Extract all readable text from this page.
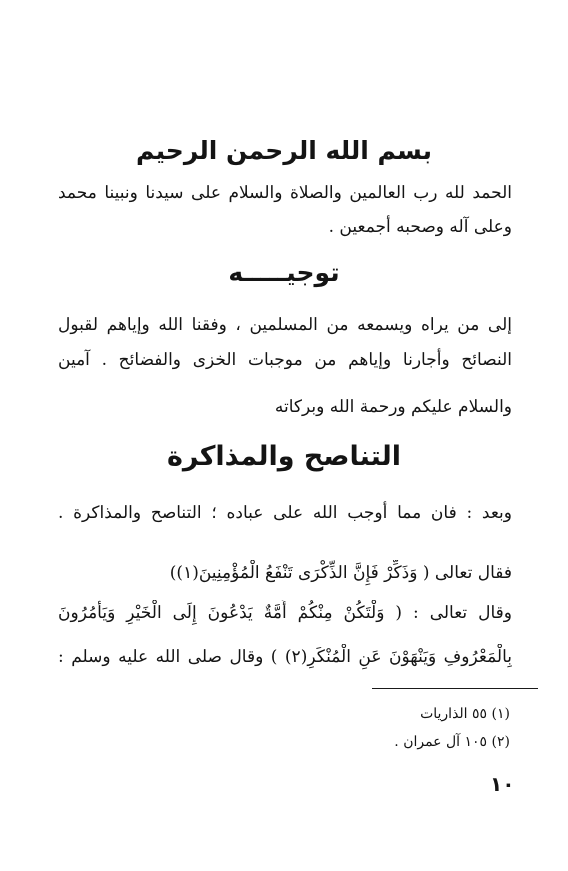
بسم الله الرحمن الرحيم
الحمد لله رب العالمين والصلاة والسلام على سيدنا ونبينا محمد
وعلى آله وصحبه أجمعين .
توجيـــــه
إلى من يراه ويسمعه من المسلمين ، وفقنا الله وإياهم لقبول
النصائح وأجارنا وإياهم من موجبات الخزى والفضائح . آمين
والسلام عليكم ورحمة الله وبركاته
التناصح والمذاكرة
وبعد : فان مما أوجب الله على عباده ؛ التناصح والمذاكرة .
فقال تعالى ( وَذَكِّرْ فَإِنَّ الذِّكْرَى تَنْفَعُ الْمُؤْمِنِينَ(١))
وقال تعالى : ( وَلْتَكُنْ مِنْكُمْ أُمَّةٌ يَدْعُونَ إِلَى الْخَيْرِ وَيَأْمُرُونَ
بِالْمَعْرُوفِ وَيَنْهَوْنَ عَنِ الْمُنْكَرِ(٢) ) وقال صلى الله عليه وسلم :
(١) ٥٥ الذاريات
(٢) ١٠٥ آل عمران .
١٠
